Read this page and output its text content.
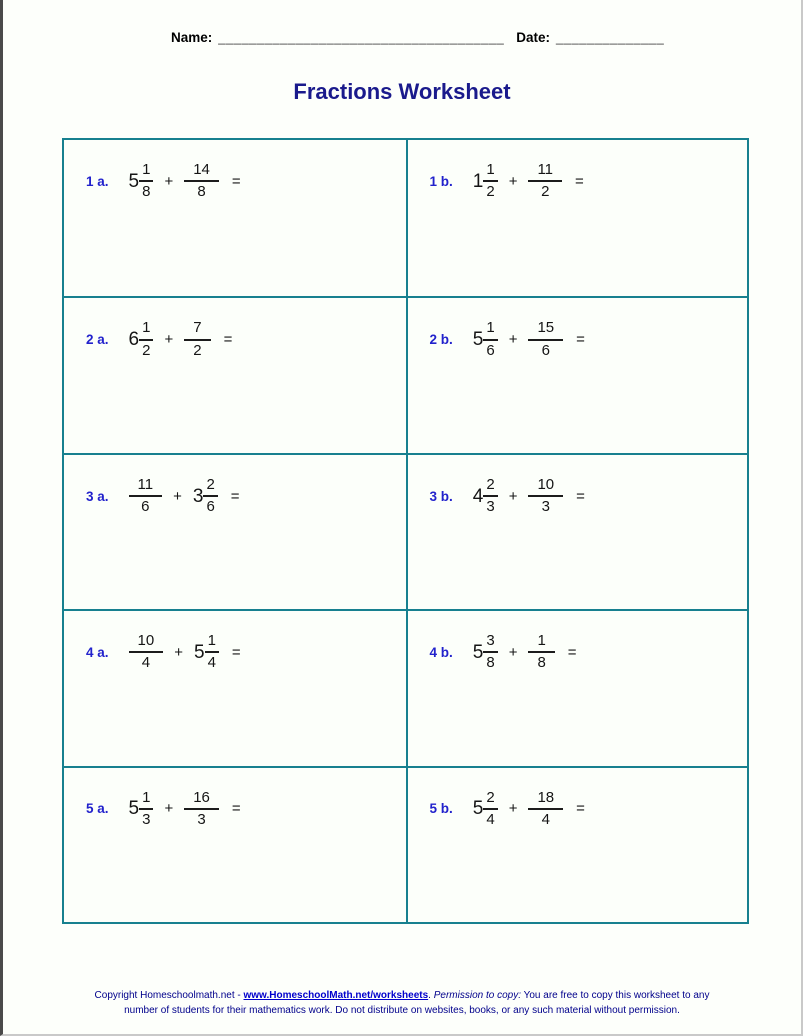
Name: _____________________________________ Date: ______________
Fractions Worksheet
1 a. $5 \frac{1}{8} + \frac{14}{8}$ =	1 b. $1 \frac{1}{2} + \frac{11}{2}$ =
2 a. $6 \frac{1}{2} + \frac{7}{2}$ =	2 b. $5 \frac{1}{6} + \frac{15}{6}$ =
3 a. $\frac{11}{6} + 3 \frac{2}{6}$ =	3 b. $4 \frac{2}{3} + \frac{10}{3}$ =
4 a. $\frac{10}{4} + 5 \frac{1}{4}$ =	4 b. $5 \frac{3}{8} + \frac{1}{8}$ =
5 a. $5 \frac{1}{3} + \frac{16}{3}$ =	5 b. $5 \frac{2}{4} + \frac{18}{4}$ =
Copyright Homeschoolmath.net - www.HomeschoolMath.net/worksheets. Permission to copy: You are free to copy this worksheet to any number of students for their mathematics work. Do not distribute on websites, books, or any such material without permission.
